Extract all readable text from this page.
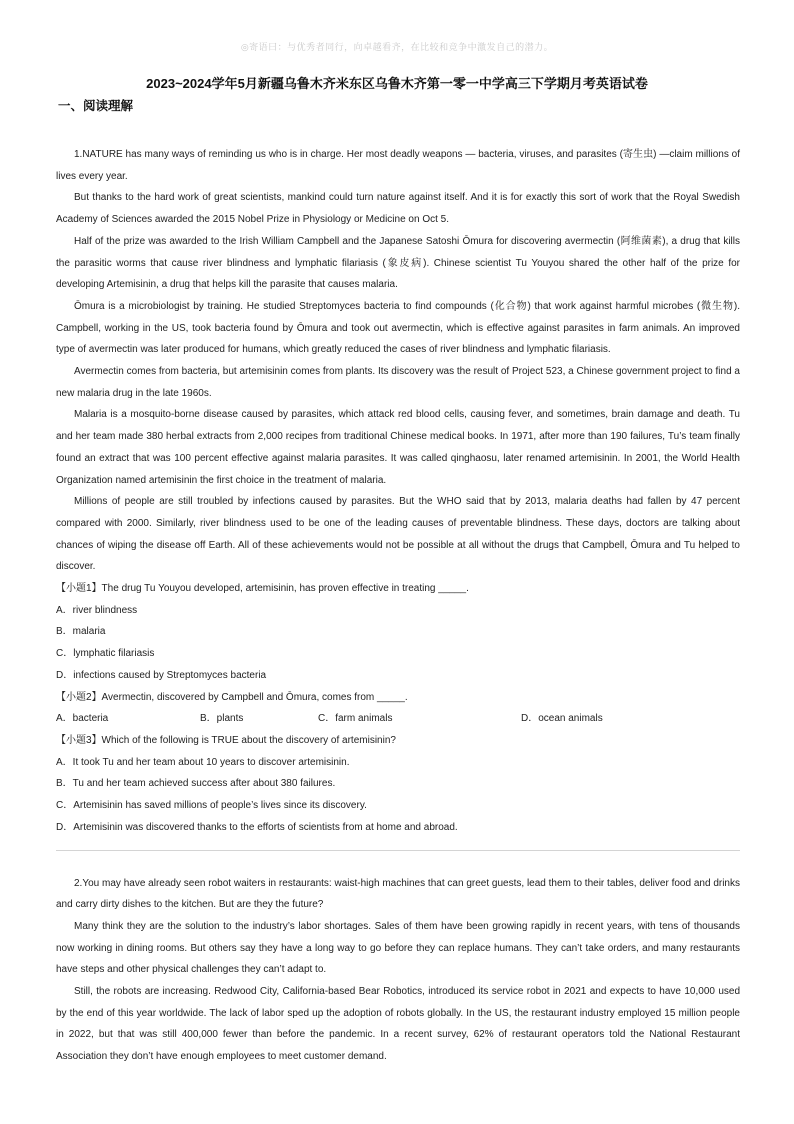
◎寄语曰：与优秀者同行，向卓越看齐，在比较和竞争中激发自己的潜力。
2023~2024学年5月新疆乌鲁木齐米东区乌鲁木齐第一零一中学高三下学期月考英语试卷
一、阅读理解

1.NATURE has many ways of reminding us who is in charge. Her most deadly weapons — bacteria, viruses, and parasites (寄生虫) —claim millions of lives every year.

But thanks to the hard work of great scientists, mankind could turn nature against itself. And it is for exactly this sort of work that the Royal Swedish Academy of Sciences awarded the 2015 Nobel Prize in Physiology or Medicine on Oct 5.

Half of the prize was awarded to the Irish William Campbell and the Japanese Satoshi Ōmura for discovering avermectin (阿维菌素), a drug that kills the parasitic worms that cause river blindness and lymphatic filariasis (象皮病). Chinese scientist Tu Youyou shared the other half of the prize for developing Artemisinin, a drug that helps kill the parasite that causes malaria.

Ōmura is a microbiologist by training. He studied Streptomyces bacteria to find compounds (化合物) that work against harmful microbes (微生物). Campbell, working in the US, took bacteria found by Ōmura and took out avermectin, which is effective against parasites in farm animals. An improved type of avermectin was later produced for humans, which greatly reduced the cases of river blindness and lymphatic filariasis.

Avermectin comes from bacteria, but artemisinin comes from plants. Its discovery was the result of Project 523, a Chinese government project to find a new malaria drug in the late 1960s.

Malaria is a mosquito-borne disease caused by parasites, which attack red blood cells, causing fever, and sometimes, brain damage and death. Tu and her team made 380 herbal extracts from 2,000 recipes from traditional Chinese medical books. In 1971, after more than 190 failures, Tu’s team finally found an extract that was 100 percent effective against malaria parasites. It was called qinghaosu, later renamed artemisinin. In 2001, the World Health Organization named artemisinin the first choice in the treatment of malaria.

Millions of people are still troubled by infections caused by parasites. But the WHO said that by 2013, malaria deaths had fallen by 47 percent compared with 2000. Similarly, river blindness used to be one of the leading causes of preventable blindness. These days, doctors are talking about chances of wiping the disease off Earth. All of these achievements would not be possible at all without the drugs that Campbell, Ōmura and Tu helped to discover.

【小题1】The drug Tu Youyou developed, artemisinin, has proven effective in treating _____.

A．river blindness

B．malaria

C．lymphatic filariasis

D．infections caused by Streptomyces bacteria

【小题2】Avermectin, discovered by Campbell and Ōmura, comes from _____.

A．bacteria	B．plants	C．farm animals	D．ocean animals

【小题3】Which of the following is TRUE about the discovery of artemisinin?

A．It took Tu and her team about 10 years to discover artemisinin.

B．Tu and her team achieved success after about 380 failures.

C．Artemisinin has saved millions of people’s lives since its discovery.

D．Artemisinin was discovered thanks to the efforts of scientists from at home and abroad.

2.You may have already seen robot waiters in restaurants: waist-high machines that can greet guests, lead them to their tables, deliver food and drinks and carry dirty dishes to the kitchen. But are they the future?

Many think they are the solution to the industry’s labor shortages. Sales of them have been growing rapidly in recent years, with tens of thousands now working in dining rooms. But others say they have a long way to go before they can replace humans. They can’t take orders, and many restaurants have steps and other physical challenges they can’t adapt to.

Still, the robots are increasing. Redwood City, California-based Bear Robotics, introduced its service robot in 2021 and expects to have 10,000 used by the end of this year worldwide. The lack of labor sped up the adoption of robots globally. In the US, the restaurant industry employed 15 million people in 2022, but that was still 400,000 fewer than before the pandemic. In a recent survey, 62% of restaurant operators told the National Restaurant Association they don’t have enough employees to meet customer demand.
